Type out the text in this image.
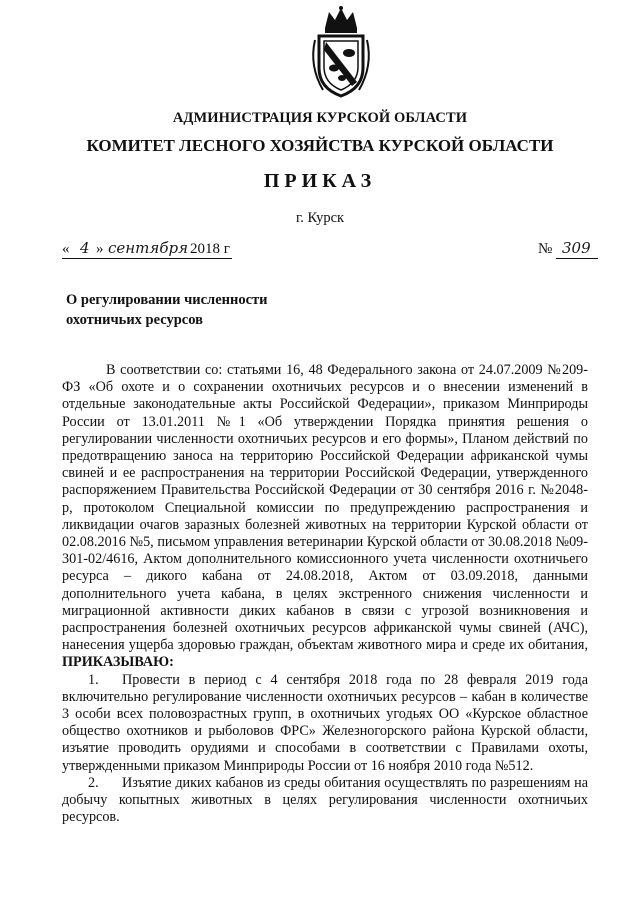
АДМИНИСТРАЦИЯ КУРСКОЙ ОБЛАСТИ
КОМИТЕТ ЛЕСНОГО ХОЗЯЙСТВА КУРСКОЙ ОБЛАСТИ
ПРИКАЗ
г. Курск
« 4 » сентября 2018 г	№ 309
О регулировании численности
охотничьих ресурсов

В соответствии со: статьями 16, 48 Федерального закона от 24.07.2009 №209-ФЗ «Об охоте и о сохранении охотничьих ресурсов и о внесении изменений в отдельные законодательные акты Российской Федерации», приказом Минприроды России от 13.01.2011 №1 «Об утверждении Порядка принятия решения о регулировании численности охотничьих ресурсов и его формы», Планом действий по предотвращению заноса на территорию Российской Федерации африканской чумы свиней и ее распространения на территории Российской Федерации, утвержденного распоряжением Правительства Российской Федерации от 30 сентября 2016 г. №2048-р, протоколом Специальной комиссии по предупреждению распространения и ликвидации очагов заразных болезней животных на территории Курской области от 02.08.2016 №5, письмом управления ветеринарии Курской области от 30.08.2018 №09-301-02/4616, Актом дополнительного комиссионного учета численности охотничьего ресурса – дикого кабана от 24.08.2018, Актом от 03.09.2018, данными дополнительного учета кабана, в целях экстренного снижения численности и миграционной активности диких кабанов в связи с угрозой возникновения и распространения болезней охотничьих ресурсов африканской чумы свиней (АЧС), нанесения ущерба здоровью граждан, объектам животного мира и среде их обитания, ПРИКАЗЫВАЮ:

1. Провести в период с 4 сентября 2018 года по 28 февраля 2019 года включительно регулирование численности охотничьих ресурсов – кабан в количестве 3 особи всех половозрастных групп, в охотничьих угодьях ОО «Курское областное общество охотников и рыболовов ФРС» Железногорского района Курской области, изъятие проводить орудиями и способами в соответствии с Правилами охоты, утвержденными приказом Минприроды России от 16 ноября 2010 года №512.

2. Изъятие диких кабанов из среды обитания осуществлять по разрешениям на добычу копытных животных в целях регулирования численности охотничьих ресурсов.
